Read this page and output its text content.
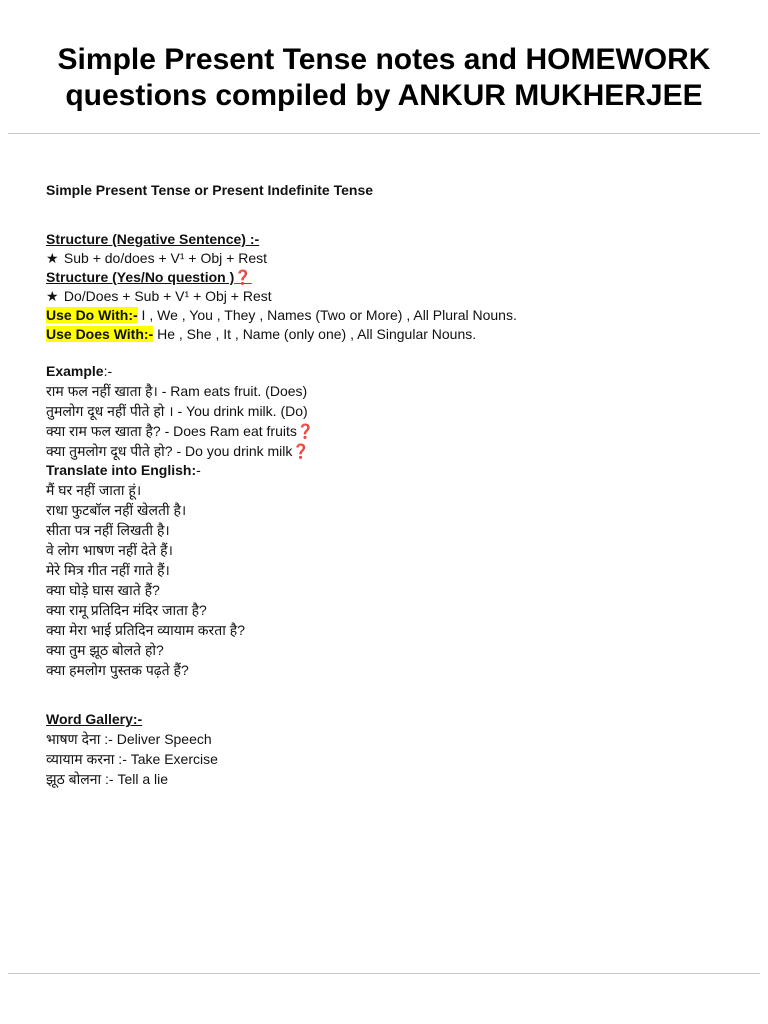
Simple Present Tense notes and HOMEWORK
questions compiled by ANKUR MUKHERJEE
Simple Present Tense or Present Indefinite Tense
Structure (Negative Sentence) :-
★ Sub + do/does + V¹ + Obj + Rest
Structure (Yes/No question )❓
★ Do/Does + Sub + V¹ + Obj + Rest
Use Do With:- I , We , You , They , Names (Two or More) , All Plural Nouns.
Use Does With:- He , She , It , Name (only one) , All Singular Nouns.
Example:-
राम फल नहीं खाता है। - Ram eats fruit. (Does)
तुमलोग दूध नहीं पीते हो । - You drink milk. (Do)
क्या राम फल खाता है? - Does Ram eat fruits❓
क्या तुमलोग दूध पीते हो? - Do you drink milk❓
Translate into English:-
मैं घर नहीं जाता हूं।
राधा फुटबॉल नहीं खेलती है।
सीता पत्र नहीं लिखती है।
वे लोग भाषण नहीं देते हैं।
मेरे मित्र गीत नहीं गाते हैं।
क्या घोड़े घास खाते हैं?
क्या रामू प्रतिदिन मंदिर जाता है?
क्या मेरा भाई प्रतिदिन व्यायाम करता है?
क्या तुम झूठ बोलते हो?
क्या हमलोग पुस्तक पढ़ते हैं?
Word Gallery:-
भाषण देना :- Deliver Speech
व्यायाम करना :- Take Exercise
झूठ बोलना :- Tell a lie
